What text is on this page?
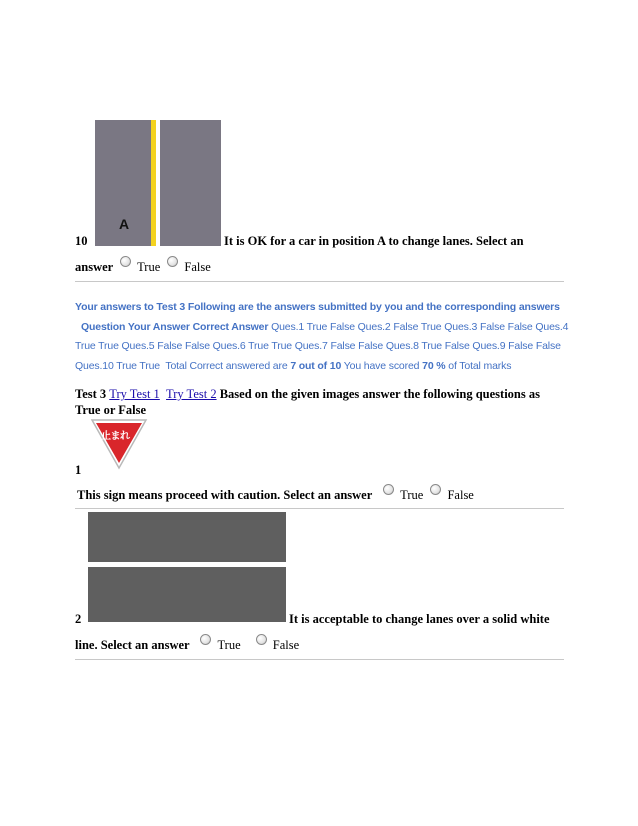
A
10	It is OK for a car in position A to change lanes. Select an
answer True False
Your answers to Test 3 Following are the answers submitted by you and the corresponding answers
Question Your Answer Correct Answer Ques.1 True False Ques.2 False True Ques.3 False False Ques.4
True True Ques.5 False False Ques.6 True True Ques.7 False False Ques.8 True False Ques.9 False False
Ques.10 True True Total Correct answered are 7 out of 10 You have scored 70 % of Total marks
Test 3 Try Test 1 Try Test 2 Based on the given images answer the following questions as
True or False
止まれ
1
This sign means proceed with caution. Select an answer True False
2	It is acceptable to change lanes over a solid white
line. Select an answer True	False
